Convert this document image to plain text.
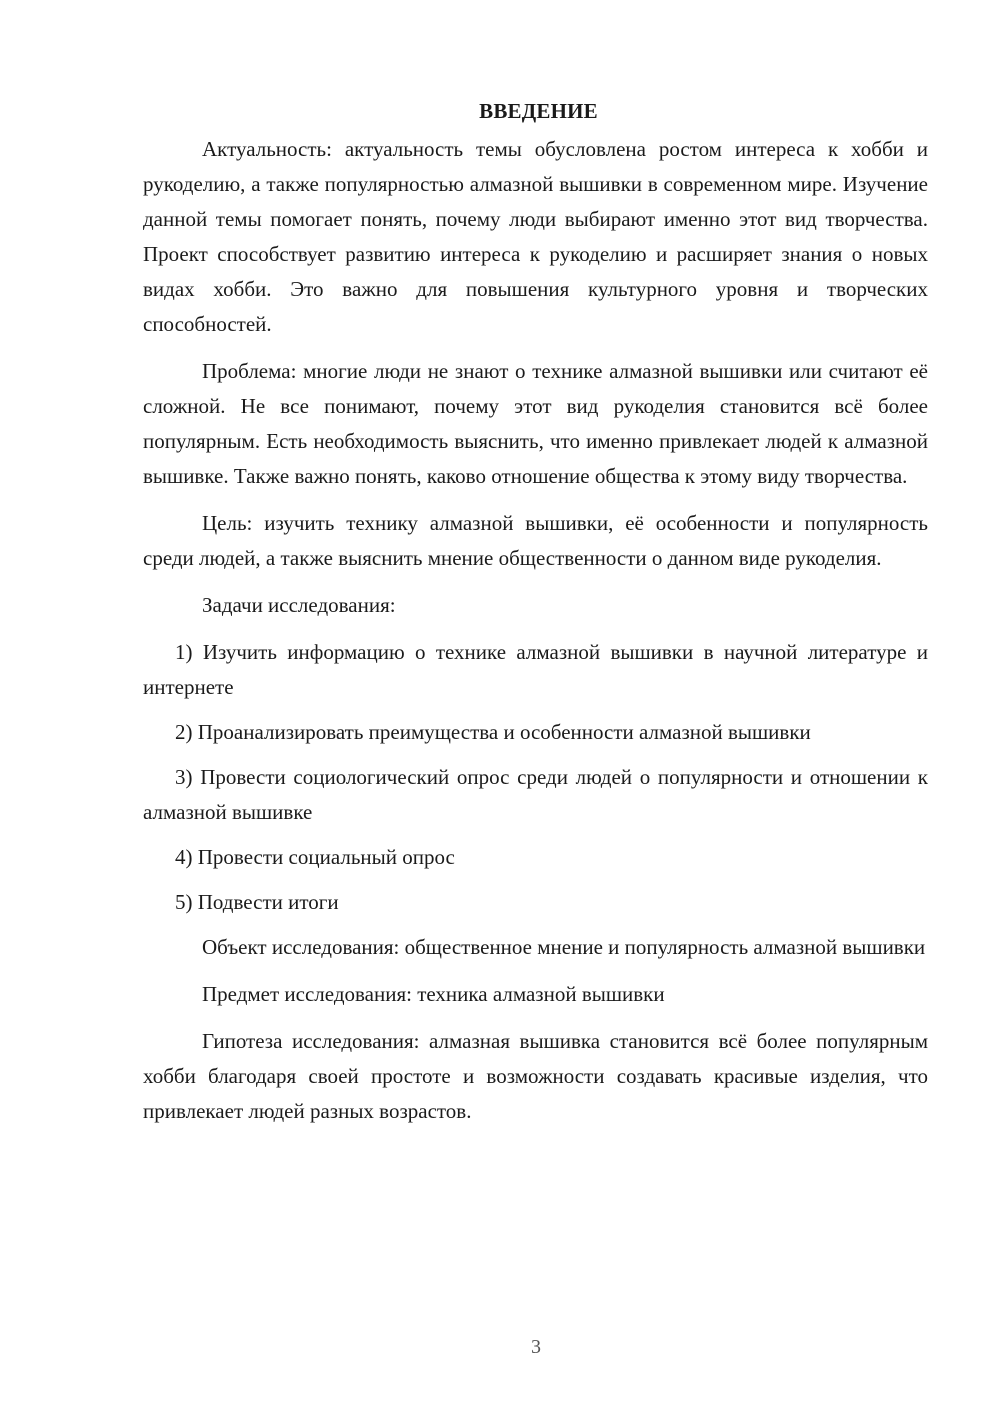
ВВЕДЕНИЕ

Актуальность: актуальность темы обусловлена ростом интереса к хобби и рукоделию, а также популярностью алмазной вышивки в современном мире. Изучение данной темы помогает понять, почему люди выбирают именно этот вид творчества. Проект способствует развитию интереса к рукоделию и расширяет знания о новых видах хобби. Это важно для повышения культурного уровня и творческих способностей.

Проблема: многие люди не знают о технике алмазной вышивки или считают её сложной. Не все понимают, почему этот вид рукоделия становится всё более популярным. Есть необходимость выяснить, что именно привлекает людей к алмазной вышивке. Также важно понять, каково отношение общества к этому виду творчества.

Цель: изучить технику алмазной вышивки, её особенности и популярность среди людей, а также выяснить мнение общественности о данном виде рукоделия.

Задачи исследования:

1) Изучить информацию о технике алмазной вышивки в научной литературе и интернете

2) Проанализировать преимущества и особенности алмазной вышивки

3) Провести социологический опрос среди людей о популярности и отношении к алмазной вышивке

4) Провести социальный опрос

5) Подвести итоги

Объект исследования: общественное мнение и популярность алмазной вышивки

Предмет исследования: техника алмазной вышивки

Гипотеза исследования: алмазная вышивка становится всё более популярным хобби благодаря своей простоте и возможности создавать красивые изделия, что привлекает людей разных возрастов.

3
